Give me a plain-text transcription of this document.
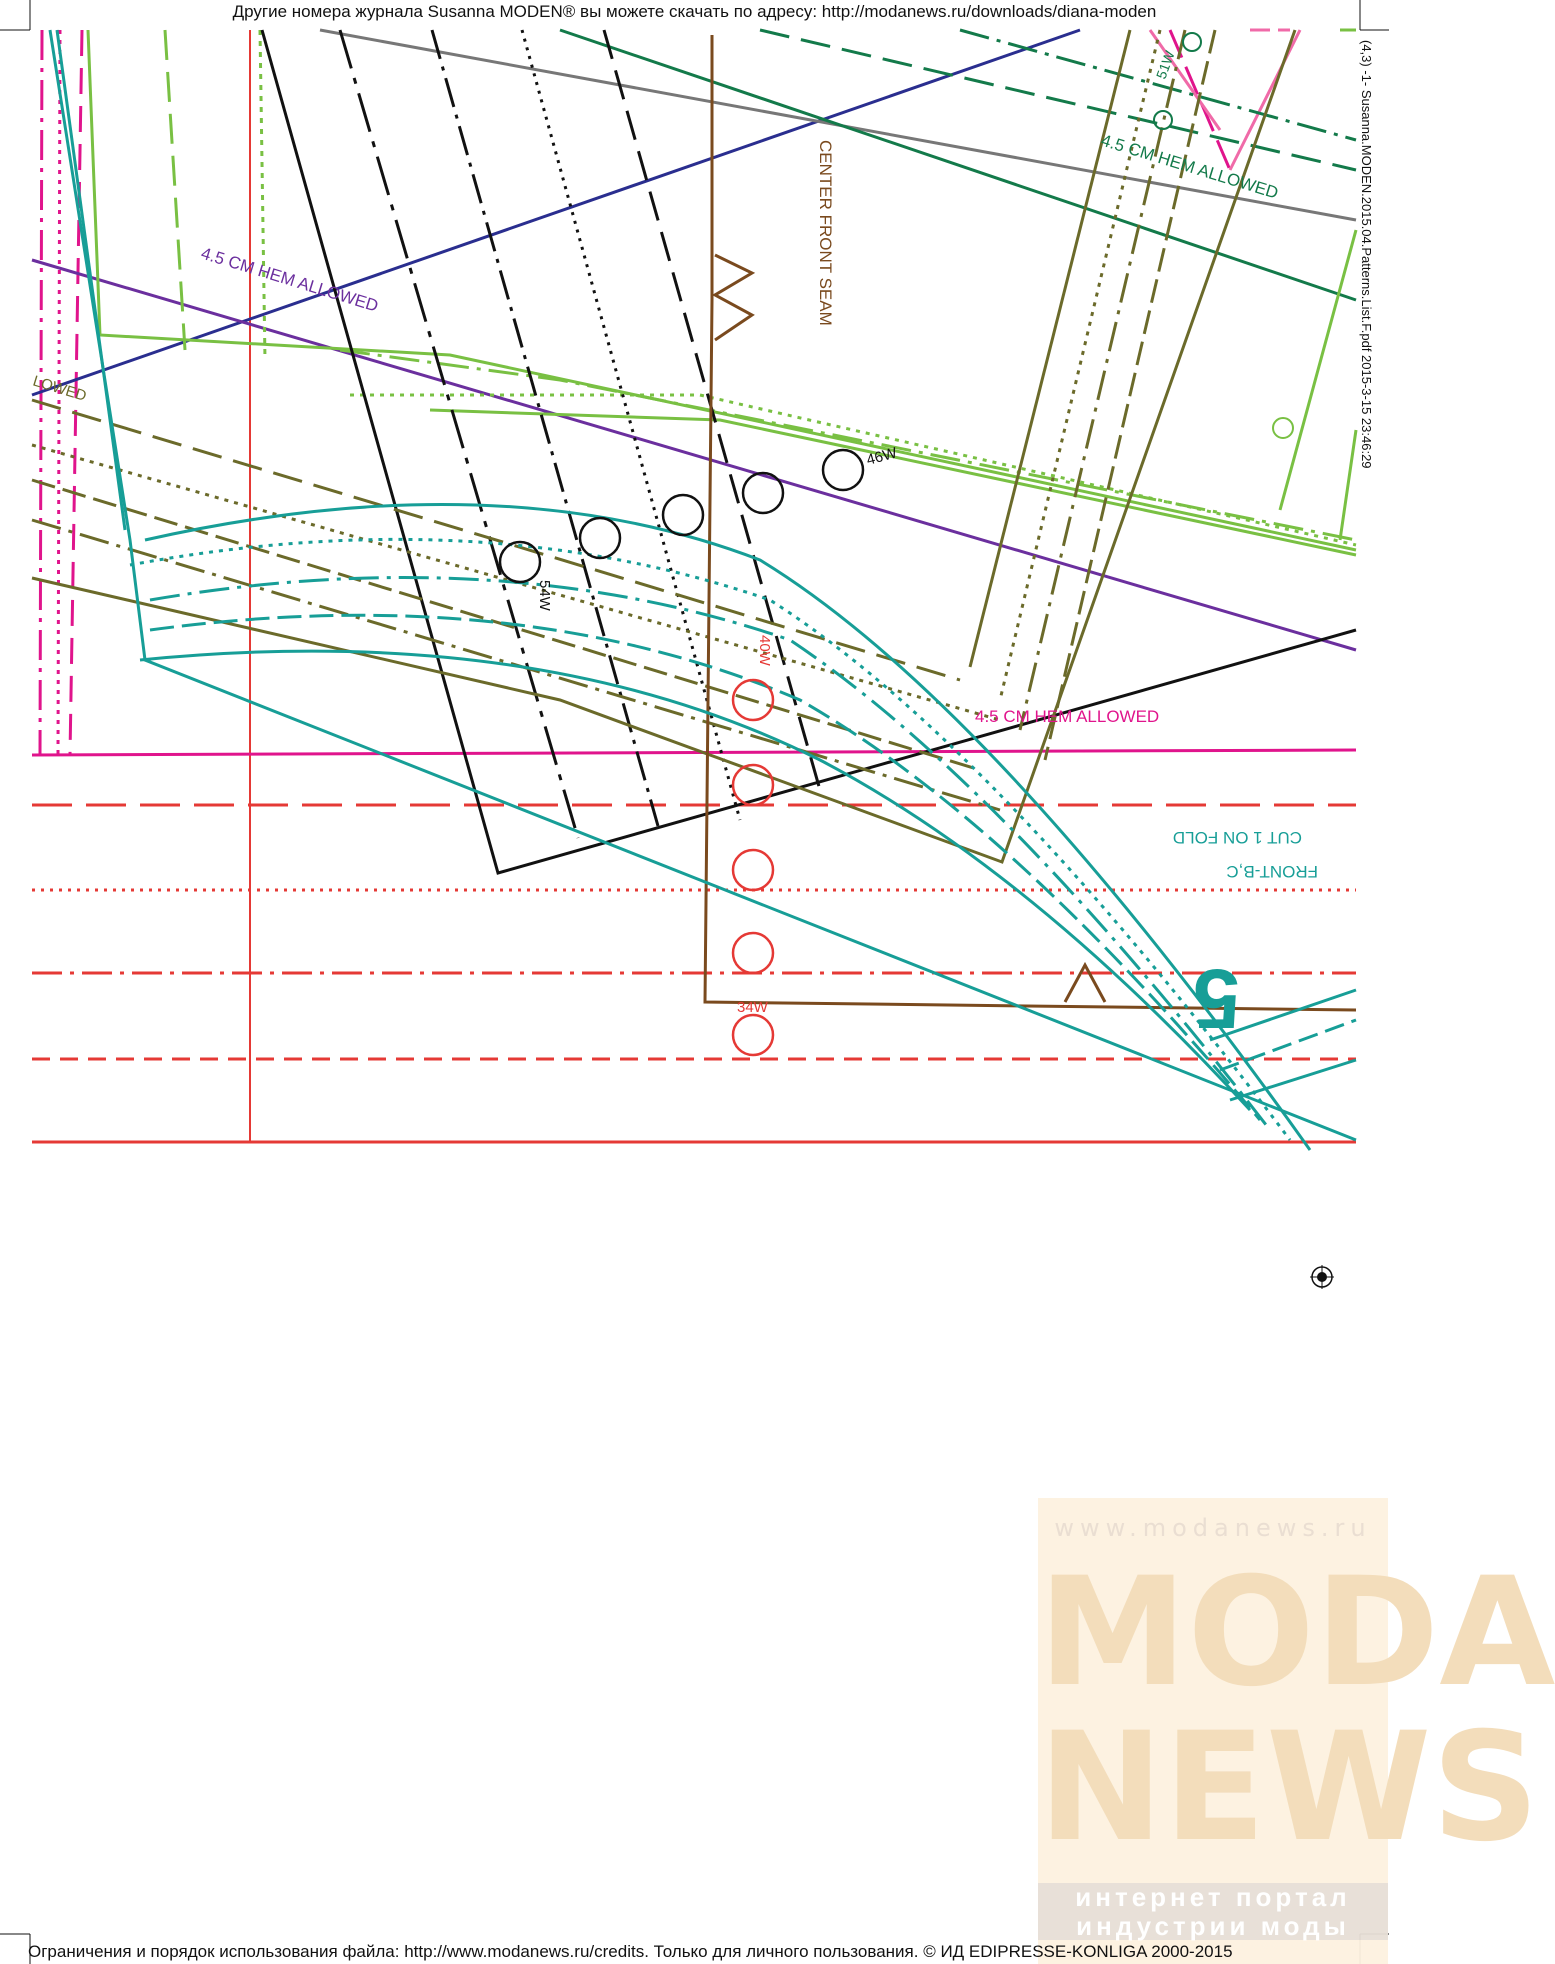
Другие номера журнала Susanna MODEN® вы можете скачать по адресу: http://modanews.ru/downloads/diana-moden
(4,3) -1- Susanna.MODEN.2015.04.Patterns.List.F.pdf 2015-3-15 23:46:29
4.5 CM HEM ALLOWED
4.5 CM HEM ALLOWED
4.5 CM HEM ALLOWED
CENTER FRONT SEAM
LOWED
46W
54W
40W
34W
51W
FRONT-B,C
CUT 1 ON FOLD
5
www.modanews.ru
MODA
NEWS
интернет портал
индустрии моды
Ограничения и порядок использования файла: http://www.modanews.ru/credits. Только для личного пользования. © ИД EDIPRESSE-KONLIGA 2000-2015
